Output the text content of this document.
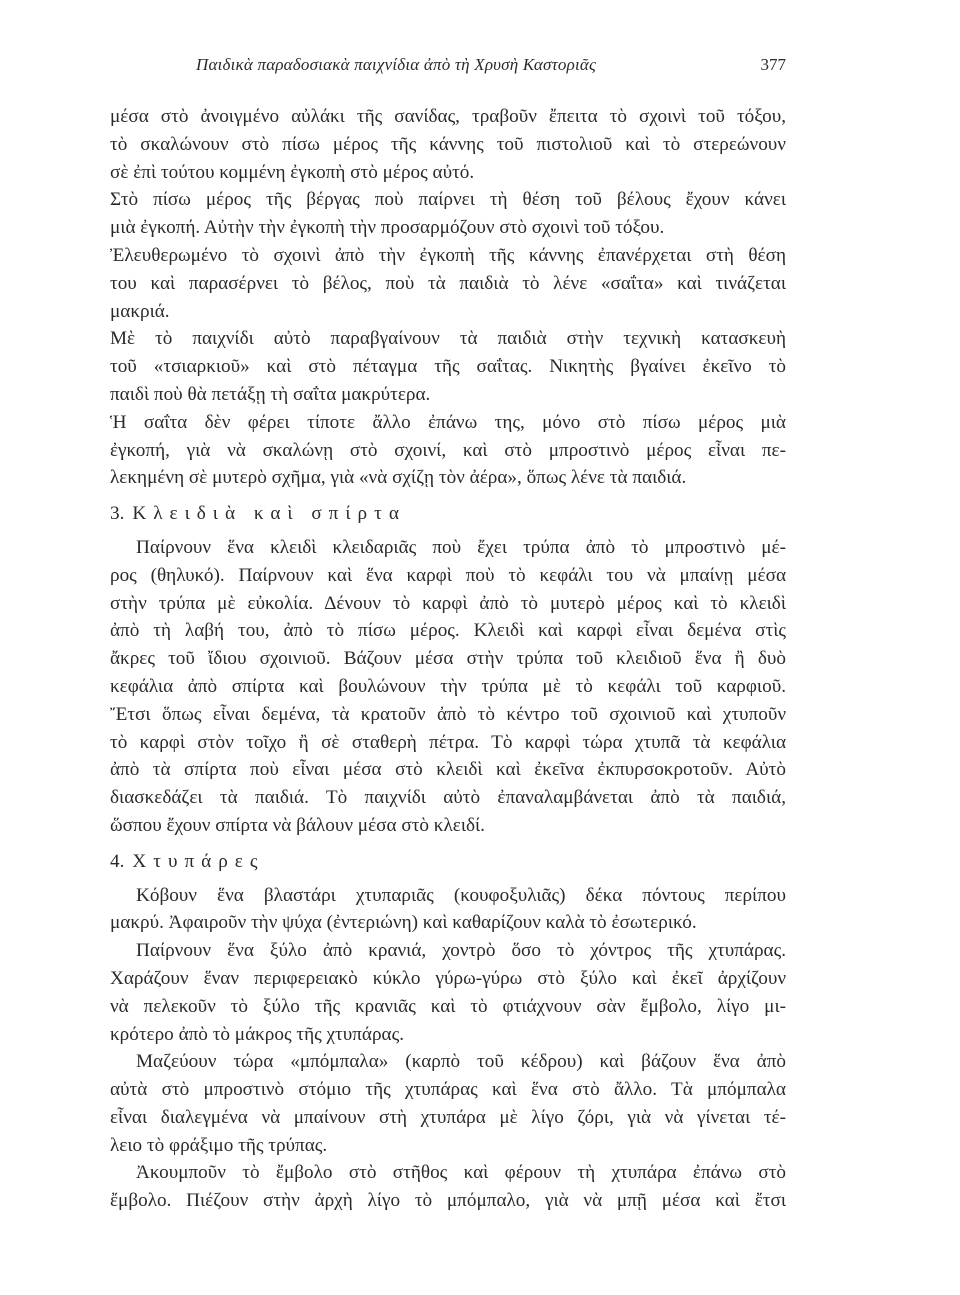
Παιδικὰ παραδοσιακὰ παιχνίδια ἀπὸ τὴ Χρυσὴ Καστοριᾶς	377
μέσα στὸ ἀνοιγμένο αὐλάκι τῆς σανίδας, τραβοῦν ἔπειτα τὸ σχοινὶ τοῦ τόξου,
τὸ σκαλώνουν στὸ πίσω μέρος τῆς κάννης τοῦ πιστολιοῦ καὶ τὸ στερεώνουν
σὲ ἐπὶ τούτου κομμένη ἐγκοπὴ στὸ μέρος αὐτό.
Στὸ πίσω μέρος τῆς βέργας ποὺ παίρνει τὴ θέση τοῦ βέλους ἔχουν κάνει
μιὰ ἐγκοπή. Αὐτὴν τὴν ἐγκοπὴ τὴν προσαρμόζουν στὸ σχοινὶ τοῦ τόξου.
Ἐλευθερωμένο τὸ σχοινὶ ἀπὸ τὴν ἐγκοπὴ τῆς κάννης ἐπανέρχεται στὴ θέση
του καὶ παρασέρνει τὸ βέλος, ποὺ τὰ παιδιὰ τὸ λένε «σαΐτα» καὶ τινάζεται
μακριά.
Μὲ τὸ παιχνίδι αὐτὸ παραβγαίνουν τὰ παιδιὰ στὴν τεχνικὴ κατασκευὴ
τοῦ «τσιαρκιοῦ» καὶ στὸ πέταγμα τῆς σαΐτας. Νικητὴς βγαίνει ἐκεῖνο τὸ
παιδὶ ποὺ θὰ πετάξῃ τὴ σαΐτα μακρύτερα.
Ἡ σαΐτα δὲν φέρει τίποτε ἄλλο ἐπάνω της, μόνο στὸ πίσω μέρος μιὰ
ἐγκοπή, γιὰ νὰ σκαλώνῃ στὸ σχοινί, καὶ στὸ μπροστινὸ μέρος εἶναι πε-
λεκημένη σὲ μυτερὸ σχῆμα, γιὰ «νὰ σχίζῃ τὸν ἀέρα», ὅπως λένε τὰ παιδιά.
3. Κλειδιὰ καὶ σπίρτα
Παίρνουν ἕνα κλειδὶ κλειδαριᾶς ποὺ ἔχει τρύπα ἀπὸ τὸ μπροστινὸ μέ-
ρος (θηλυκό). Παίρνουν καὶ ἕνα καρφὶ ποὺ τὸ κεφάλι του νὰ μπαίνῃ μέσα
στὴν τρύπα μὲ εὐκολία. Δένουν τὸ καρφὶ ἀπὸ τὸ μυτερὸ μέρος καὶ τὸ κλειδὶ
ἀπὸ τὴ λαβή του, ἀπὸ τὸ πίσω μέρος. Κλειδὶ καὶ καρφὶ εἶναι δεμένα στὶς
ἄκρες τοῦ ἴδιου σχοινιοῦ. Βάζουν μέσα στὴν τρύπα τοῦ κλειδιοῦ ἕνα ἢ δυὸ
κεφάλια ἀπὸ σπίρτα καὶ βουλώνουν τὴν τρύπα μὲ τὸ κεφάλι τοῦ καρφιοῦ.
Ἔτσι ὅπως εἶναι δεμένα, τὰ κρατοῦν ἀπὸ τὸ κέντρο τοῦ σχοινιοῦ καὶ χτυποῦν
τὸ καρφὶ στὸν τοῖχο ἢ σὲ σταθερὴ πέτρα. Τὸ καρφὶ τώρα χτυπᾶ τὰ κεφάλια
ἀπὸ τὰ σπίρτα ποὺ εἶναι μέσα στὸ κλειδὶ καὶ ἐκεῖνα ἐκπυρσοκροτοῦν. Αὐτὸ
διασκεδάζει τὰ παιδιά. Τὸ παιχνίδι αὐτὸ ἐπαναλαμβάνεται ἀπὸ τὰ παιδιά,
ὥσπου ἔχουν σπίρτα νὰ βάλουν μέσα στὸ κλειδί.
4. Χτυπάρες
Κόβουν ἕνα βλαστάρι χτυπαριᾶς (κουφοξυλιᾶς) δέκα πόντους περίπου
μακρύ. Ἀφαιροῦν τὴν ψύχα (ἐντεριώνη) καὶ καθαρίζουν καλὰ τὸ ἐσωτερικό.
Παίρνουν ἕνα ξύλο ἀπὸ κρανιά, χοντρὸ ὅσο τὸ χόντρος τῆς χτυπάρας.
Χαράζουν ἕναν περιφερειακὸ κύκλο γύρω-γύρω στὸ ξύλο καὶ ἐκεῖ ἀρχίζουν
νὰ πελεκοῦν τὸ ξύλο τῆς κρανιᾶς καὶ τὸ φτιάχνουν σὰν ἔμβολο, λίγο μι-
κρότερο ἀπὸ τὸ μάκρος τῆς χτυπάρας.
Μαζεύουν τώρα «μπόμπαλα» (καρπὸ τοῦ κέδρου) καὶ βάζουν ἕνα ἀπὸ
αὐτὰ στὸ μπροστινὸ στόμιο τῆς χτυπάρας καὶ ἕνα στὸ ἄλλο. Τὰ μπόμπαλα
εἶναι διαλεγμένα νὰ μπαίνουν στὴ χτυπάρα μὲ λίγο ζόρι, γιὰ νὰ γίνεται τέ-
λειο τὸ φράξιμο τῆς τρύπας.
Ἀκουμποῦν τὸ ἔμβολο στὸ στῆθος καὶ φέρουν τὴ χτυπάρα ἐπάνω στὸ
ἔμβολο. Πιέζουν στὴν ἀρχὴ λίγο τὸ μπόμπαλο, γιὰ νὰ μπῇ μέσα καὶ ἔτσι
